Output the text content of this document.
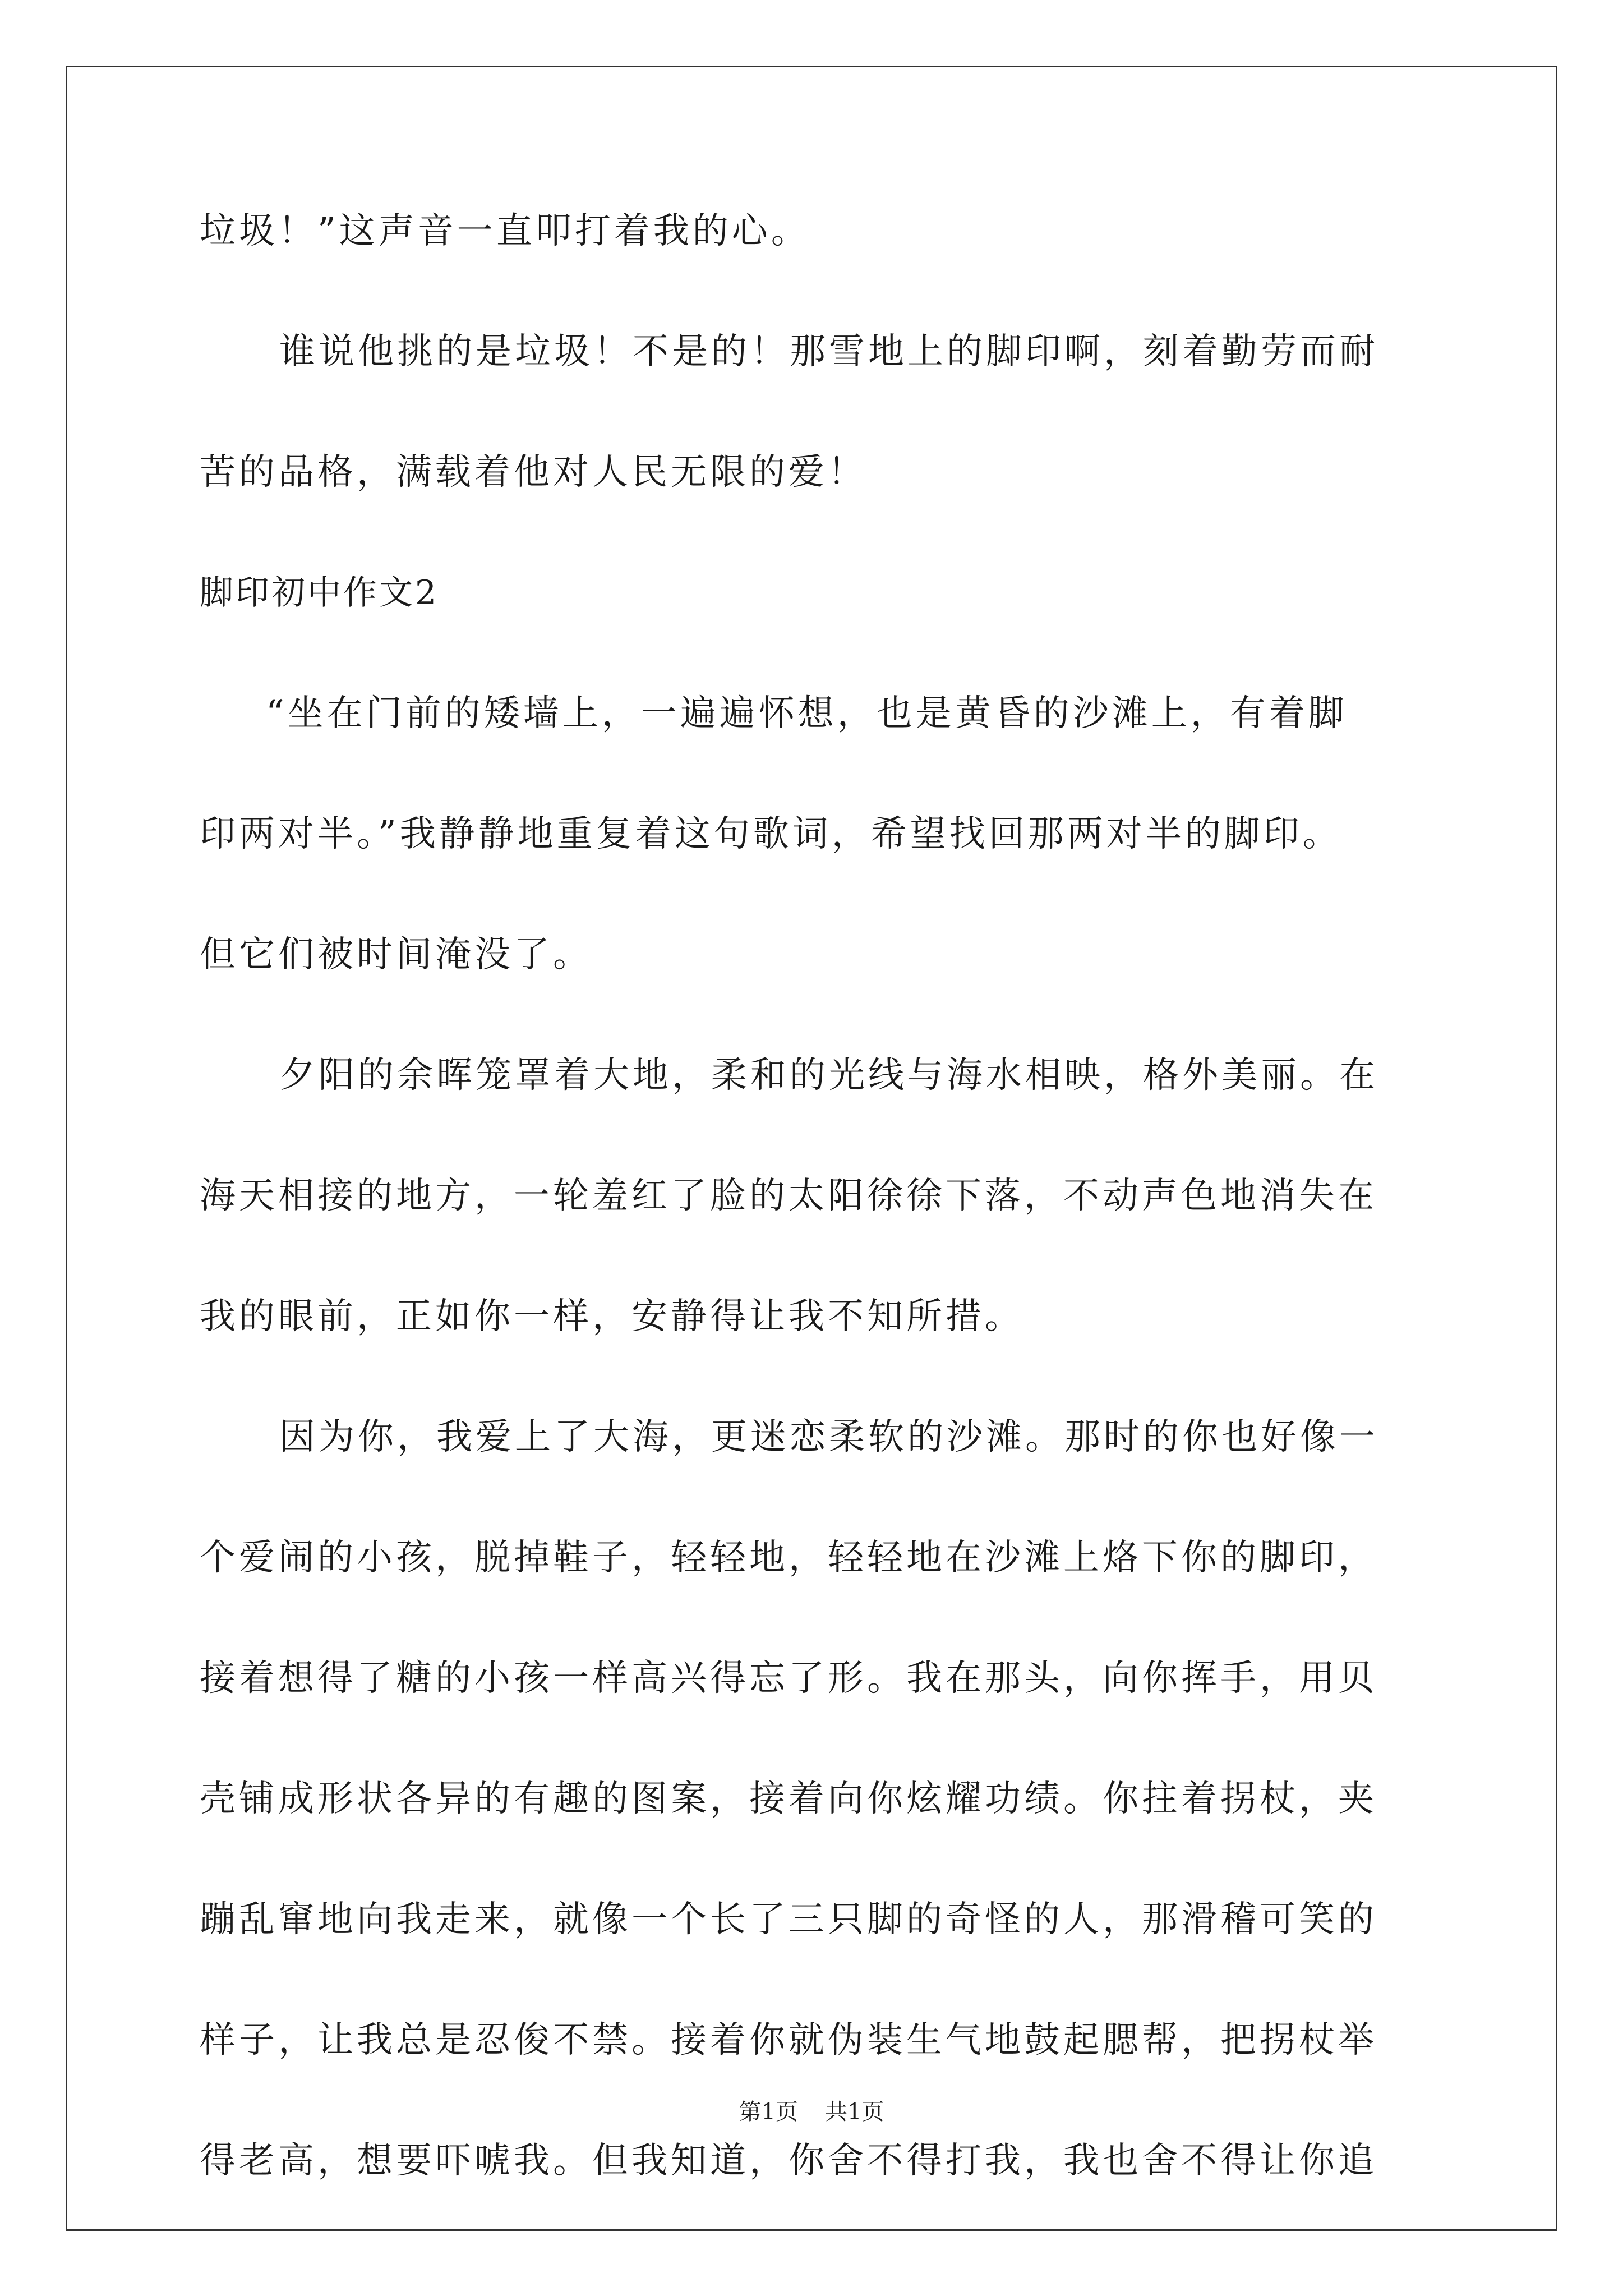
垃圾！”这声音一直叩打着我的心。
谁说他挑的是垃圾！不是的！那雪地上的脚印啊，刻着勤劳而耐
苦的品格，满载着他对人民无限的爱！
脚印初中作文2
“坐在门前的矮墙上，一遍遍怀想，也是黄昏的沙滩上，有着脚
印两对半。”我静静地重复着这句歌词，希望找回那两对半的脚印。
但它们被时间淹没了。
夕阳的余晖笼罩着大地，柔和的光线与海水相映，格外美丽。在
海天相接的地方，一轮羞红了脸的太阳徐徐下落，不动声色地消失在
我的眼前，正如你一样，安静得让我不知所措。
因为你，我爱上了大海，更迷恋柔软的沙滩。那时的你也好像一
个爱闹的小孩，脱掉鞋子，轻轻地，轻轻地在沙滩上烙下你的脚印，
接着想得了糖的小孩一样高兴得忘了形。我在那头，向你挥手，用贝
壳铺成形状各异的有趣的图案，接着向你炫耀功绩。你拄着拐杖，夹
蹦乱窜地向我走来，就像一个长了三只脚的奇怪的人，那滑稽可笑的
样子，让我总是忍俊不禁。接着你就伪装生气地鼓起腮帮，把拐杖举
得老高，想要吓唬我。但我知道，你舍不得打我，我也舍不得让你追
第1页 共1页
